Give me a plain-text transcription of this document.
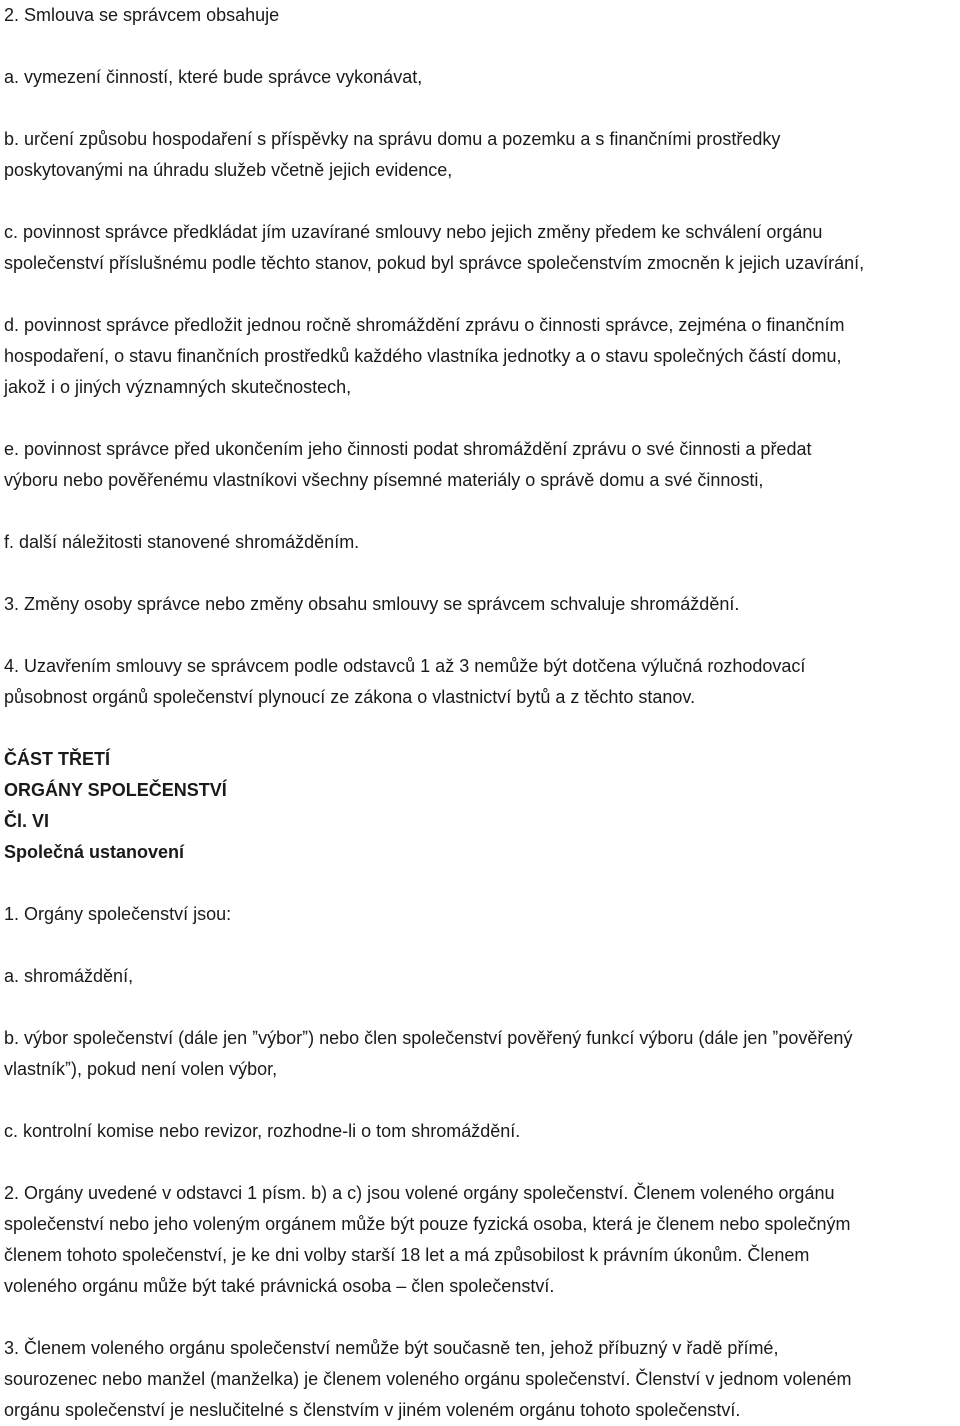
2. Smlouva se správcem obsahuje

a. vymezení činností, které bude správce vykonávat,

b. určení způsobu hospodaření s příspěvky na správu domu a pozemku a s finančními prostředky

poskytovanými na úhradu služeb včetně jejich evidence,

c. povinnost správce předkládat jím uzavírané smlouvy nebo jejich změny předem ke schválení orgánu

společenství příslušnému podle těchto stanov, pokud byl správce společenstvím zmocněn k jejich uzavírání,

d. povinnost správce předložit jednou ročně shromáždění zprávu o činnosti správce, zejména o finančním

hospodaření, o stavu finančních prostředků každého vlastníka jednotky a o stavu společných částí domu,

jakož i o jiných významných skutečnostech,

e. povinnost správce před ukončením jeho činnosti podat shromáždění zprávu o své činnosti a předat

výboru nebo pověřenému vlastníkovi všechny písemné materiály o správě domu a své činnosti,

f. další náležitosti stanovené shromážděním.

3. Změny osoby správce nebo změny obsahu smlouvy se správcem schvaluje shromáždění.

4. Uzavřením smlouvy se správcem podle odstavců 1 až 3 nemůže být dotčena výlučná rozhodovací

působnost orgánů společenství plynoucí ze zákona o vlastnictví bytů a z těchto stanov.

ČÁST TŘETÍ

ORGÁNY SPOLEČENSTVÍ

Čl. VI

Společná ustanovení

1. Orgány společenství jsou:

a. shromáždění,

b. výbor společenství (dále jen ˮvýborˮ) nebo člen společenství pověřený funkcí výboru (dále jen ˮpověřený

vlastníkˮ), pokud není volen výbor,

c. kontrolní komise nebo revizor, rozhodne-li o tom shromáždění.

2. Orgány uvedené v odstavci 1 písm. b) a c) jsou volené orgány společenství. Členem voleného orgánu

společenství nebo jeho voleným orgánem může být pouze fyzická osoba, která je členem nebo společným

členem tohoto společenství, je ke dni volby starší 18 let a má způsobilost k právním úkonům. Členem

voleného orgánu může být také právnická osoba – člen společenství.

3. Členem voleného orgánu společenství nemůže být současně ten, jehož příbuzný v řadě přímé,

sourozenec nebo manžel (manželka) je členem voleného orgánu společenství. Členství v jednom voleném

orgánu společenství je neslučitelné s členstvím v jiném voleném orgánu tohoto společenství.
